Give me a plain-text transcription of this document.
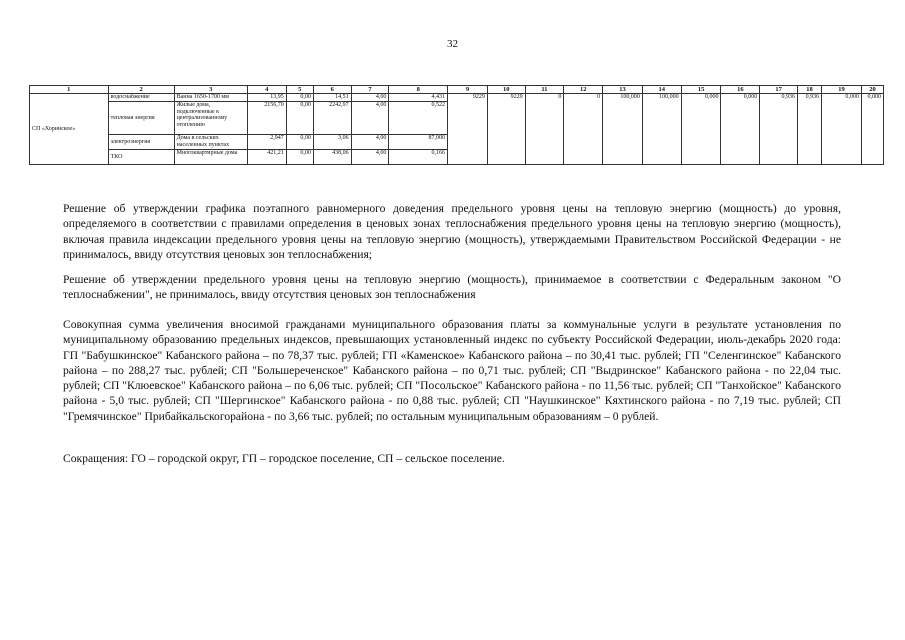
32
1	2	3	4	5	6	7	8	9	10	11	12	13	14	15	16	17	18	19	20
СП «Хоринское»	водоснабжение	Ванна 1650-1700 мм	13,95	0,00	14,51	4,00	4,431	9229	9229	0	0	100,000	100,000	0,000	0,000	0,936	0,936	0,000	0,000
	тепловая энергия	Жилые дома, подключенные к централизованному отоплению	2156,70	0,00	2242,97	4,00	0,522												
	электроэнергия	Дома в сельских населенных пунктах	2,947	0,00	3,06	4,00	87,000												
	ТКО	Многоквартирные дома	421,21	0,00	438,06	4,00	0,166												

Решение об утверждении графика поэтапного равномерного доведения предельного уровня цены на тепловую энергию (мощность) до уровня, определяемого в соответствии с правилами определения в ценовых зонах теплоснабжения предельного уровня цены на тепловую энергию (мощность), включая правила индексации предельного уровня цены на тепловую энергию (мощность), утверждаемыми Правительством Российской Федерации - не принималось, ввиду отсутствия ценовых зон теплоснабжения;

Решение об утверждении предельного уровня цены на тепловую энергию (мощность), принимаемое в соответствии с Федеральным законом "О теплоснабжении", не принималось, ввиду отсутствия ценовых зон теплоснабжения

Совокупная сумма увеличения вносимой гражданами муниципального образования платы за коммунальные услуги в результате установления по муниципальному образованию предельных индексов, превышающих установленный индекс по субъекту Российской Федерации, июль-декабрь 2020 года: ГП "Бабушкинское" Кабанского района – по 78,37 тыс. рублей; ГП «Каменское» Кабанского района – по 30,41 тыс. рублей; ГП "Селенгинское" Кабанского района – по 288,27 тыс. рублей; СП "Большереченское" Кабанского района – по 0,71 тыс. рублей; СП "Выдринское" Кабанского района - по 22,04 тыс. рублей; СП "Клюевское" Кабанского района – по 6,06 тыс. рублей; СП "Посольское" Кабанского района - по 11,56 тыс. рублей; СП "Танхойское" Кабанского района - 5,0 тыс. рублей; СП "Шергинское" Кабанского района - по 0,88 тыс. рублей; СП "Наушкинское" Кяхтинского района - по 7,19 тыс. рублей; СП "Гремячинское" Прибайкальскогорайона - по 3,66 тыс. рублей; по остальным муниципальным образованиям – 0 рублей.

Сокращения: ГО – городской округ, ГП – городское поселение, СП – сельское поселение.
